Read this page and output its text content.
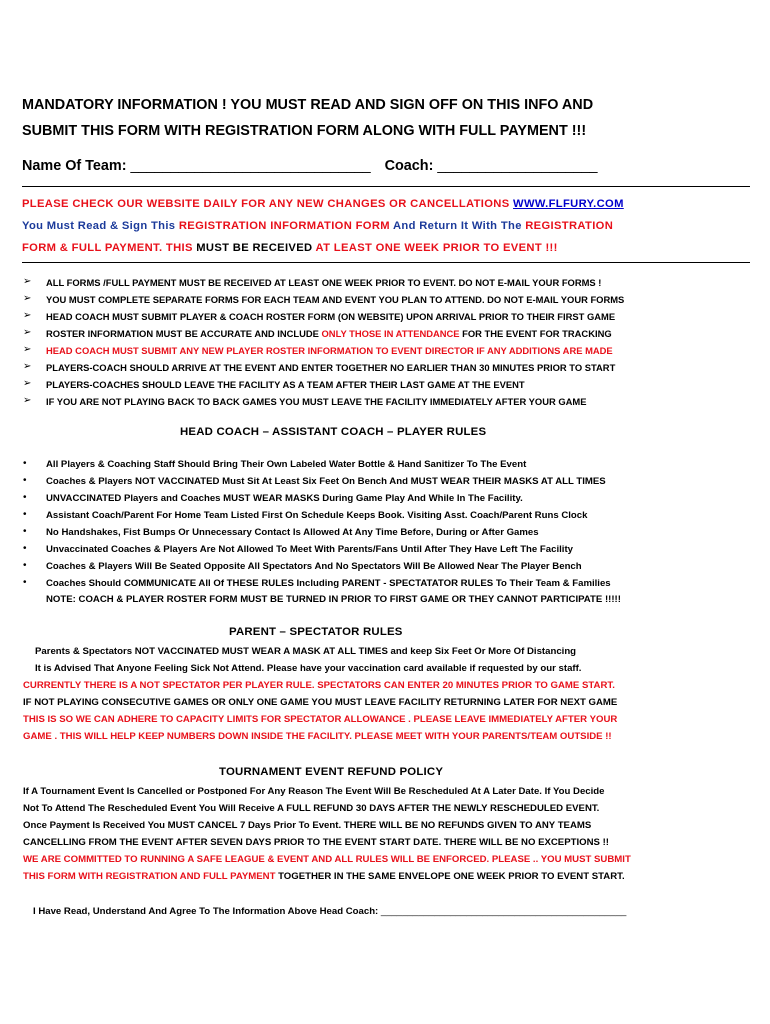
MANDATORY INFORMATION ! YOU MUST READ AND SIGN OFF ON THIS INFO AND
SUBMIT THIS FORM WITH REGISTRATION FORM ALONG WITH FULL PAYMENT !!!
Name Of Team: ______________________________ Coach: ____________________
PLEASE CHECK OUR WEBSITE DAILY FOR ANY NEW CHANGES OR CANCELLATIONS WWW.FLFURY.COM
You Must Read & Sign This REGISTRATION INFORMATION FORM And Return It With The REGISTRATION
FORM & FULL PAYMENT. THIS MUST BE RECEIVED AT LEAST ONE WEEK PRIOR TO EVENT !!!
➢ ALL FORMS /FULL PAYMENT MUST BE RECEIVED AT LEAST ONE WEEK PRIOR TO EVENT. DO NOT E-MAIL YOUR FORMS !
➢ YOU MUST COMPLETE SEPARATE FORMS FOR EACH TEAM AND EVENT YOU PLAN TO ATTEND. DO NOT E-MAIL YOUR FORMS
➢ HEAD COACH MUST SUBMIT PLAYER & COACH ROSTER FORM (ON WEBSITE) UPON ARRIVAL PRIOR TO THEIR FIRST GAME
➢ ROSTER INFORMATION MUST BE ACCURATE AND INCLUDE ONLY THOSE IN ATTENDANCE FOR THE EVENT FOR TRACKING
➢ HEAD COACH MUST SUBMIT ANY NEW PLAYER ROSTER INFORMATION TO EVENT DIRECTOR IF ANY ADDITIONS ARE MADE
➢ PLAYERS-COACH SHOULD ARRIVE AT THE EVENT AND ENTER TOGETHER NO EARLIER THAN 30 MINUTES PRIOR TO START
➢ PLAYERS-COACHES SHOULD LEAVE THE FACILITY AS A TEAM AFTER THEIR LAST GAME AT THE EVENT
➢ IF YOU ARE NOT PLAYING BACK TO BACK GAMES YOU MUST LEAVE THE FACILITY IMMEDIATELY AFTER YOUR GAME
HEAD COACH – ASSISTANT COACH – PLAYER RULES
• All Players & Coaching Staff Should Bring Their Own Labeled Water Bottle & Hand Sanitizer To The Event
• Coaches & Players NOT VACCINATED Must Sit At Least Six Feet On Bench And MUST WEAR THEIR MASKS AT ALL TIMES
• UNVACCINATED Players and Coaches MUST WEAR MASKS During Game Play And While In The Facility.
• Assistant Coach/Parent For Home Team Listed First On Schedule Keeps Book. Visiting Asst. Coach/Parent Runs Clock
• No Handshakes, Fist Bumps Or Unnecessary Contact Is Allowed At Any Time Before, During or After Games
• Unvaccinated Coaches & Players Are Not Allowed To Meet With Parents/Fans Until After They Have Left The Facility
• Coaches & Players Will Be Seated Opposite All Spectators And No Spectators Will Be Allowed Near The Player Bench
• Coaches Should COMMUNICATE All Of THESE RULES Including PARENT - SPECTATATOR RULES To Their Team & Families
NOTE: COACH & PLAYER ROSTER FORM MUST BE TURNED IN PRIOR TO FIRST GAME OR THEY CANNOT PARTICIPATE !!!!!
PARENT – SPECTATOR RULES
Parents & Spectators NOT VACCINATED MUST WEAR A MASK AT ALL TIMES and keep Six Feet Or More Of Distancing
It is Advised That Anyone Feeling Sick Not Attend. Please have your vaccination card available if requested by our staff.
CURRENTLY THERE IS A NOT SPECTATOR PER PLAYER RULE. SPECTATORS CAN ENTER 20 MINUTES PRIOR TO GAME START.
IF NOT PLAYING CONSECUTIVE GAMES OR ONLY ONE GAME YOU MUST LEAVE FACILITY RETURNING LATER FOR NEXT GAME
THIS IS SO WE CAN ADHERE TO CAPACITY LIMITS FOR SPECTATOR ALLOWANCE . PLEASE LEAVE IMMEDIATELY AFTER YOUR
GAME . THIS WILL HELP KEEP NUMBERS DOWN INSIDE THE FACILITY. PLEASE MEET WITH YOUR PARENTS/TEAM OUTSIDE !!
TOURNAMENT EVENT REFUND POLICY
If A Tournament Event Is Cancelled or Postponed For Any Reason The Event Will Be Rescheduled At A Later Date. If You Decide
Not To Attend The Rescheduled Event You Will Receive A FULL REFUND 30 DAYS AFTER THE NEWLY RESCHEDULED EVENT.
Once Payment Is Received You MUST CANCEL 7 Days Prior To Event. THERE WILL BE NO REFUNDS GIVEN TO ANY TEAMS
CANCELLING FROM THE EVENT AFTER SEVEN DAYS PRIOR TO THE EVENT START DATE. THERE WILL BE NO EXCEPTIONS !!
WE ARE COMMITTED TO RUNNING A SAFE LEAGUE & EVENT AND ALL RULES WILL BE ENFORCED. PLEASE .. YOU MUST SUBMIT
THIS FORM WITH REGISTRATION AND FULL PAYMENT TOGETHER IN THE SAME ENVELOPE ONE WEEK PRIOR TO EVENT START.
I Have Read, Understand And Agree To The Information Above Head Coach: ______________________________________________
